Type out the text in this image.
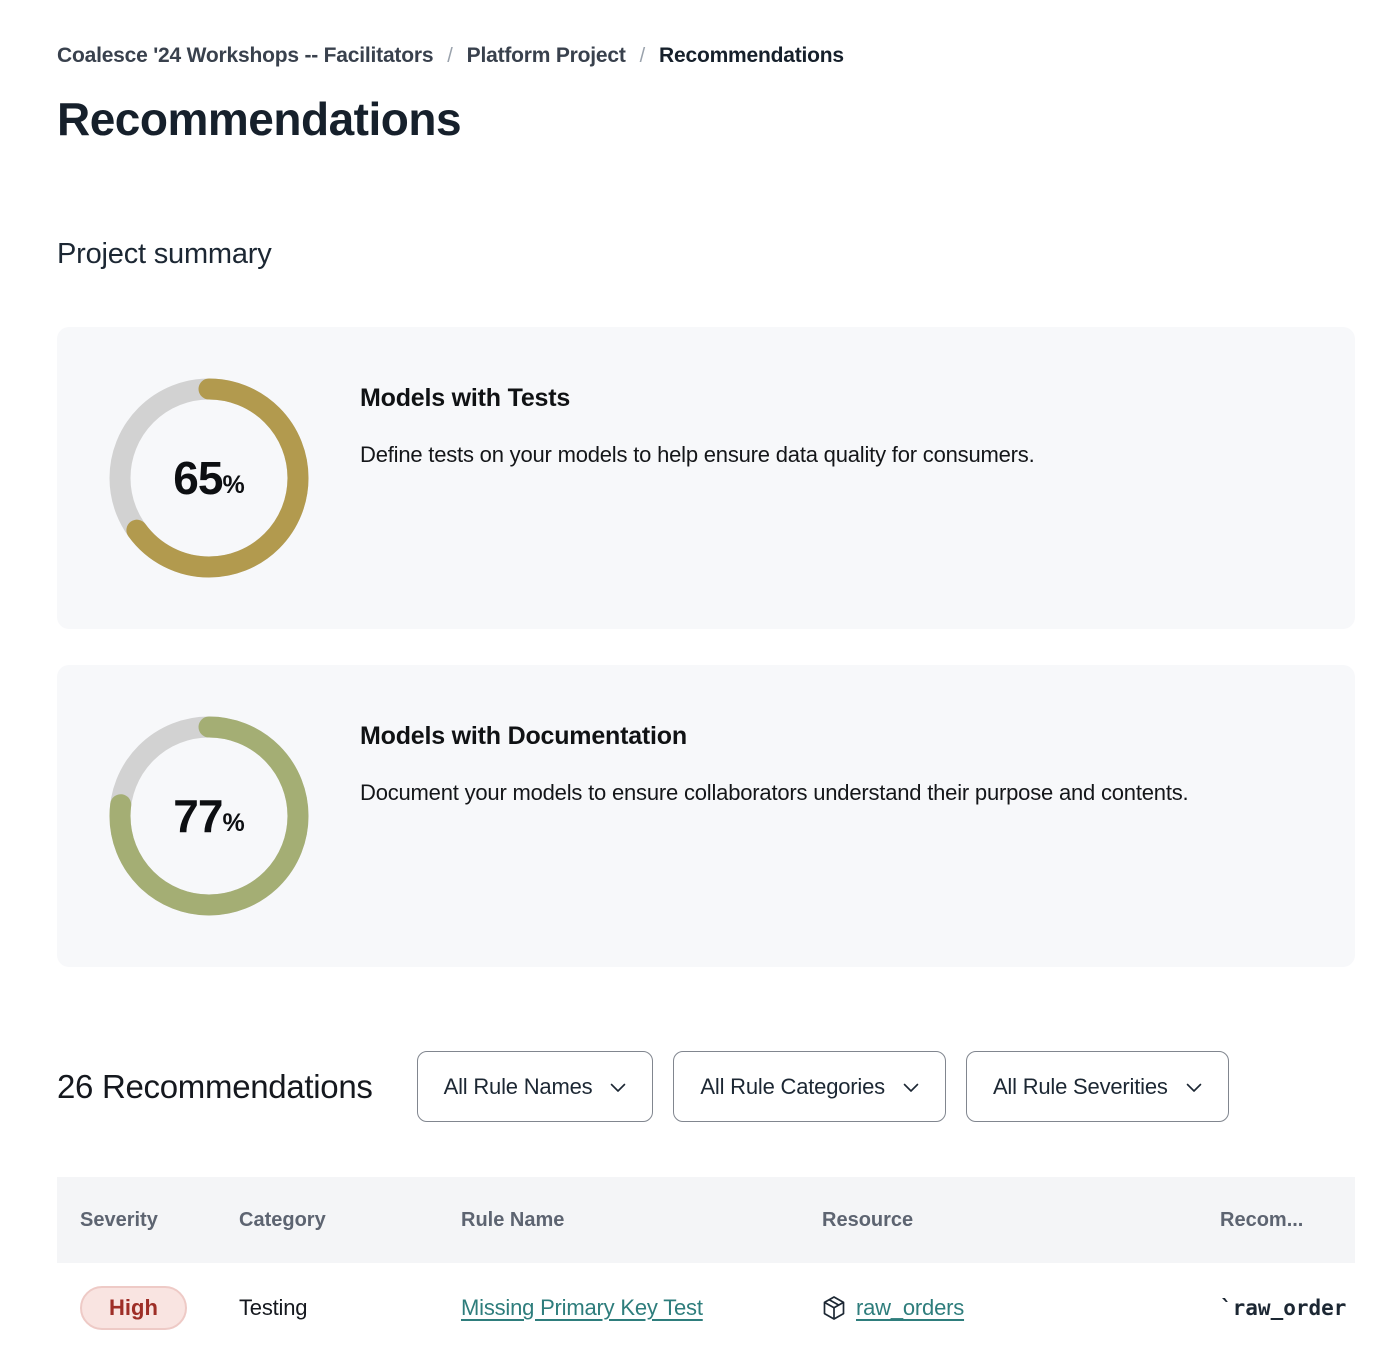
Coalesce '24 Workshops -- Facilitators / Platform Project / Recommendations
Recommendations
Project summary
65 %
Models with Tests
Define tests on your models to help ensure data quality for consumers.
77 %
Models with Documentation
Document your models to ensure collaborators understand their purpose and contents.
26 Recommendations	All Rule Names	All Rule Categories	All Rule Severities
Severity	Category	Rule Name	Resource	Recom...
High	Testing	Missing Primary Key Test	raw_orders	`raw_order
